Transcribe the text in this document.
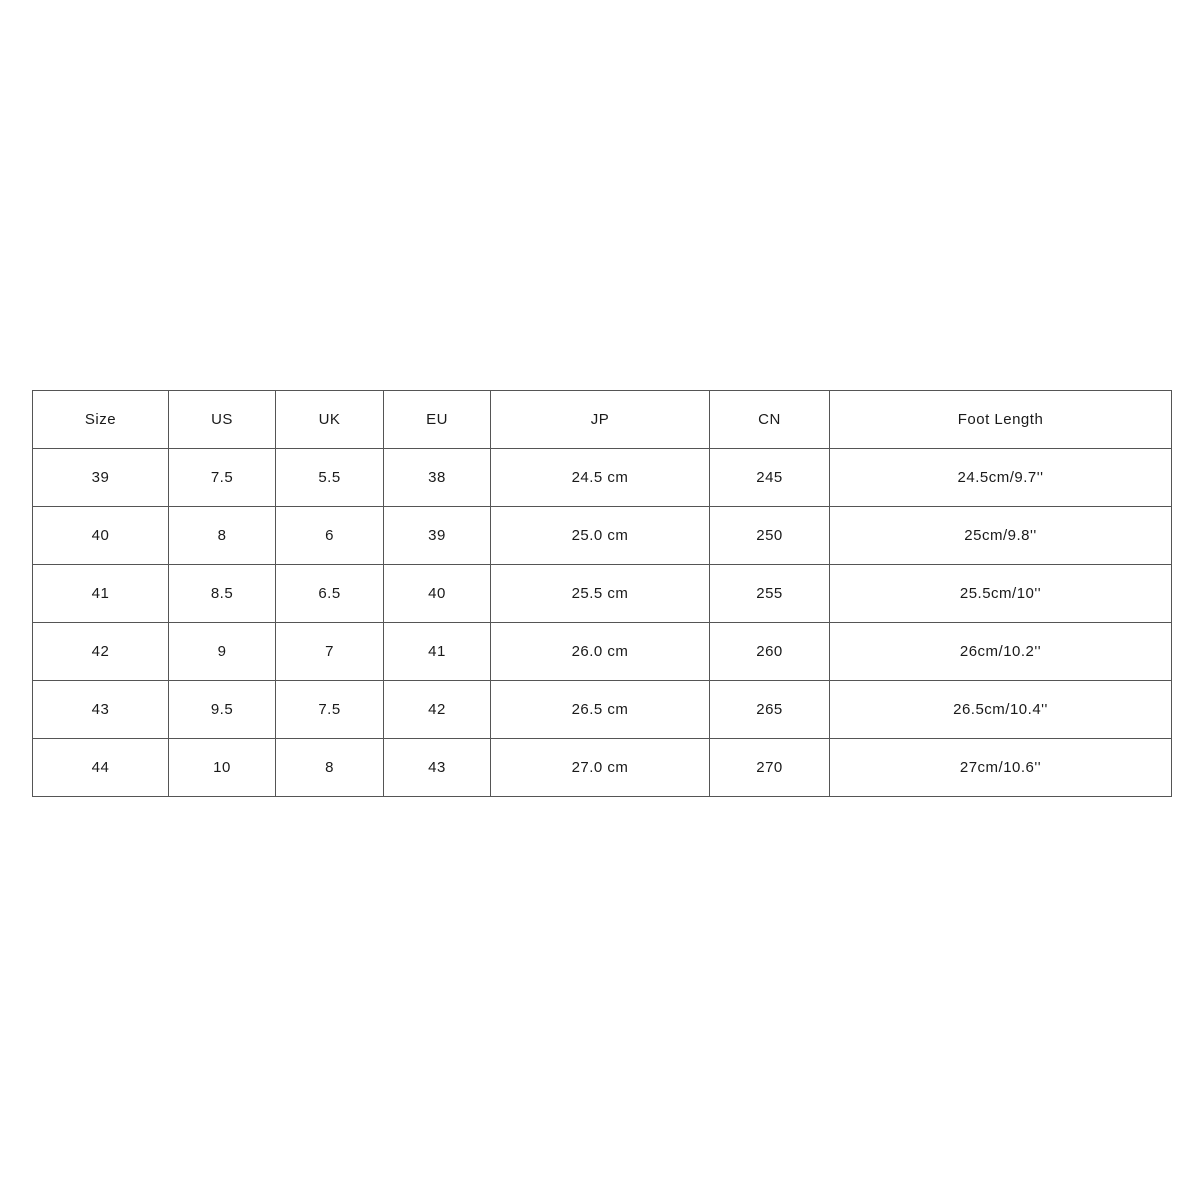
Size	US	UK	EU	JP	CN	Foot Length
39	7.5	5.5	38	24.5 cm	245	24.5cm/9.7''
40	8	6	39	25.0 cm	250	25cm/9.8''
41	8.5	6.5	40	25.5 cm	255	25.5cm/10''
42	9	7	41	26.0 cm	260	26cm/10.2''
43	9.5	7.5	42	26.5 cm	265	26.5cm/10.4''
44	10	8	43	27.0 cm	270	27cm/10.6''
